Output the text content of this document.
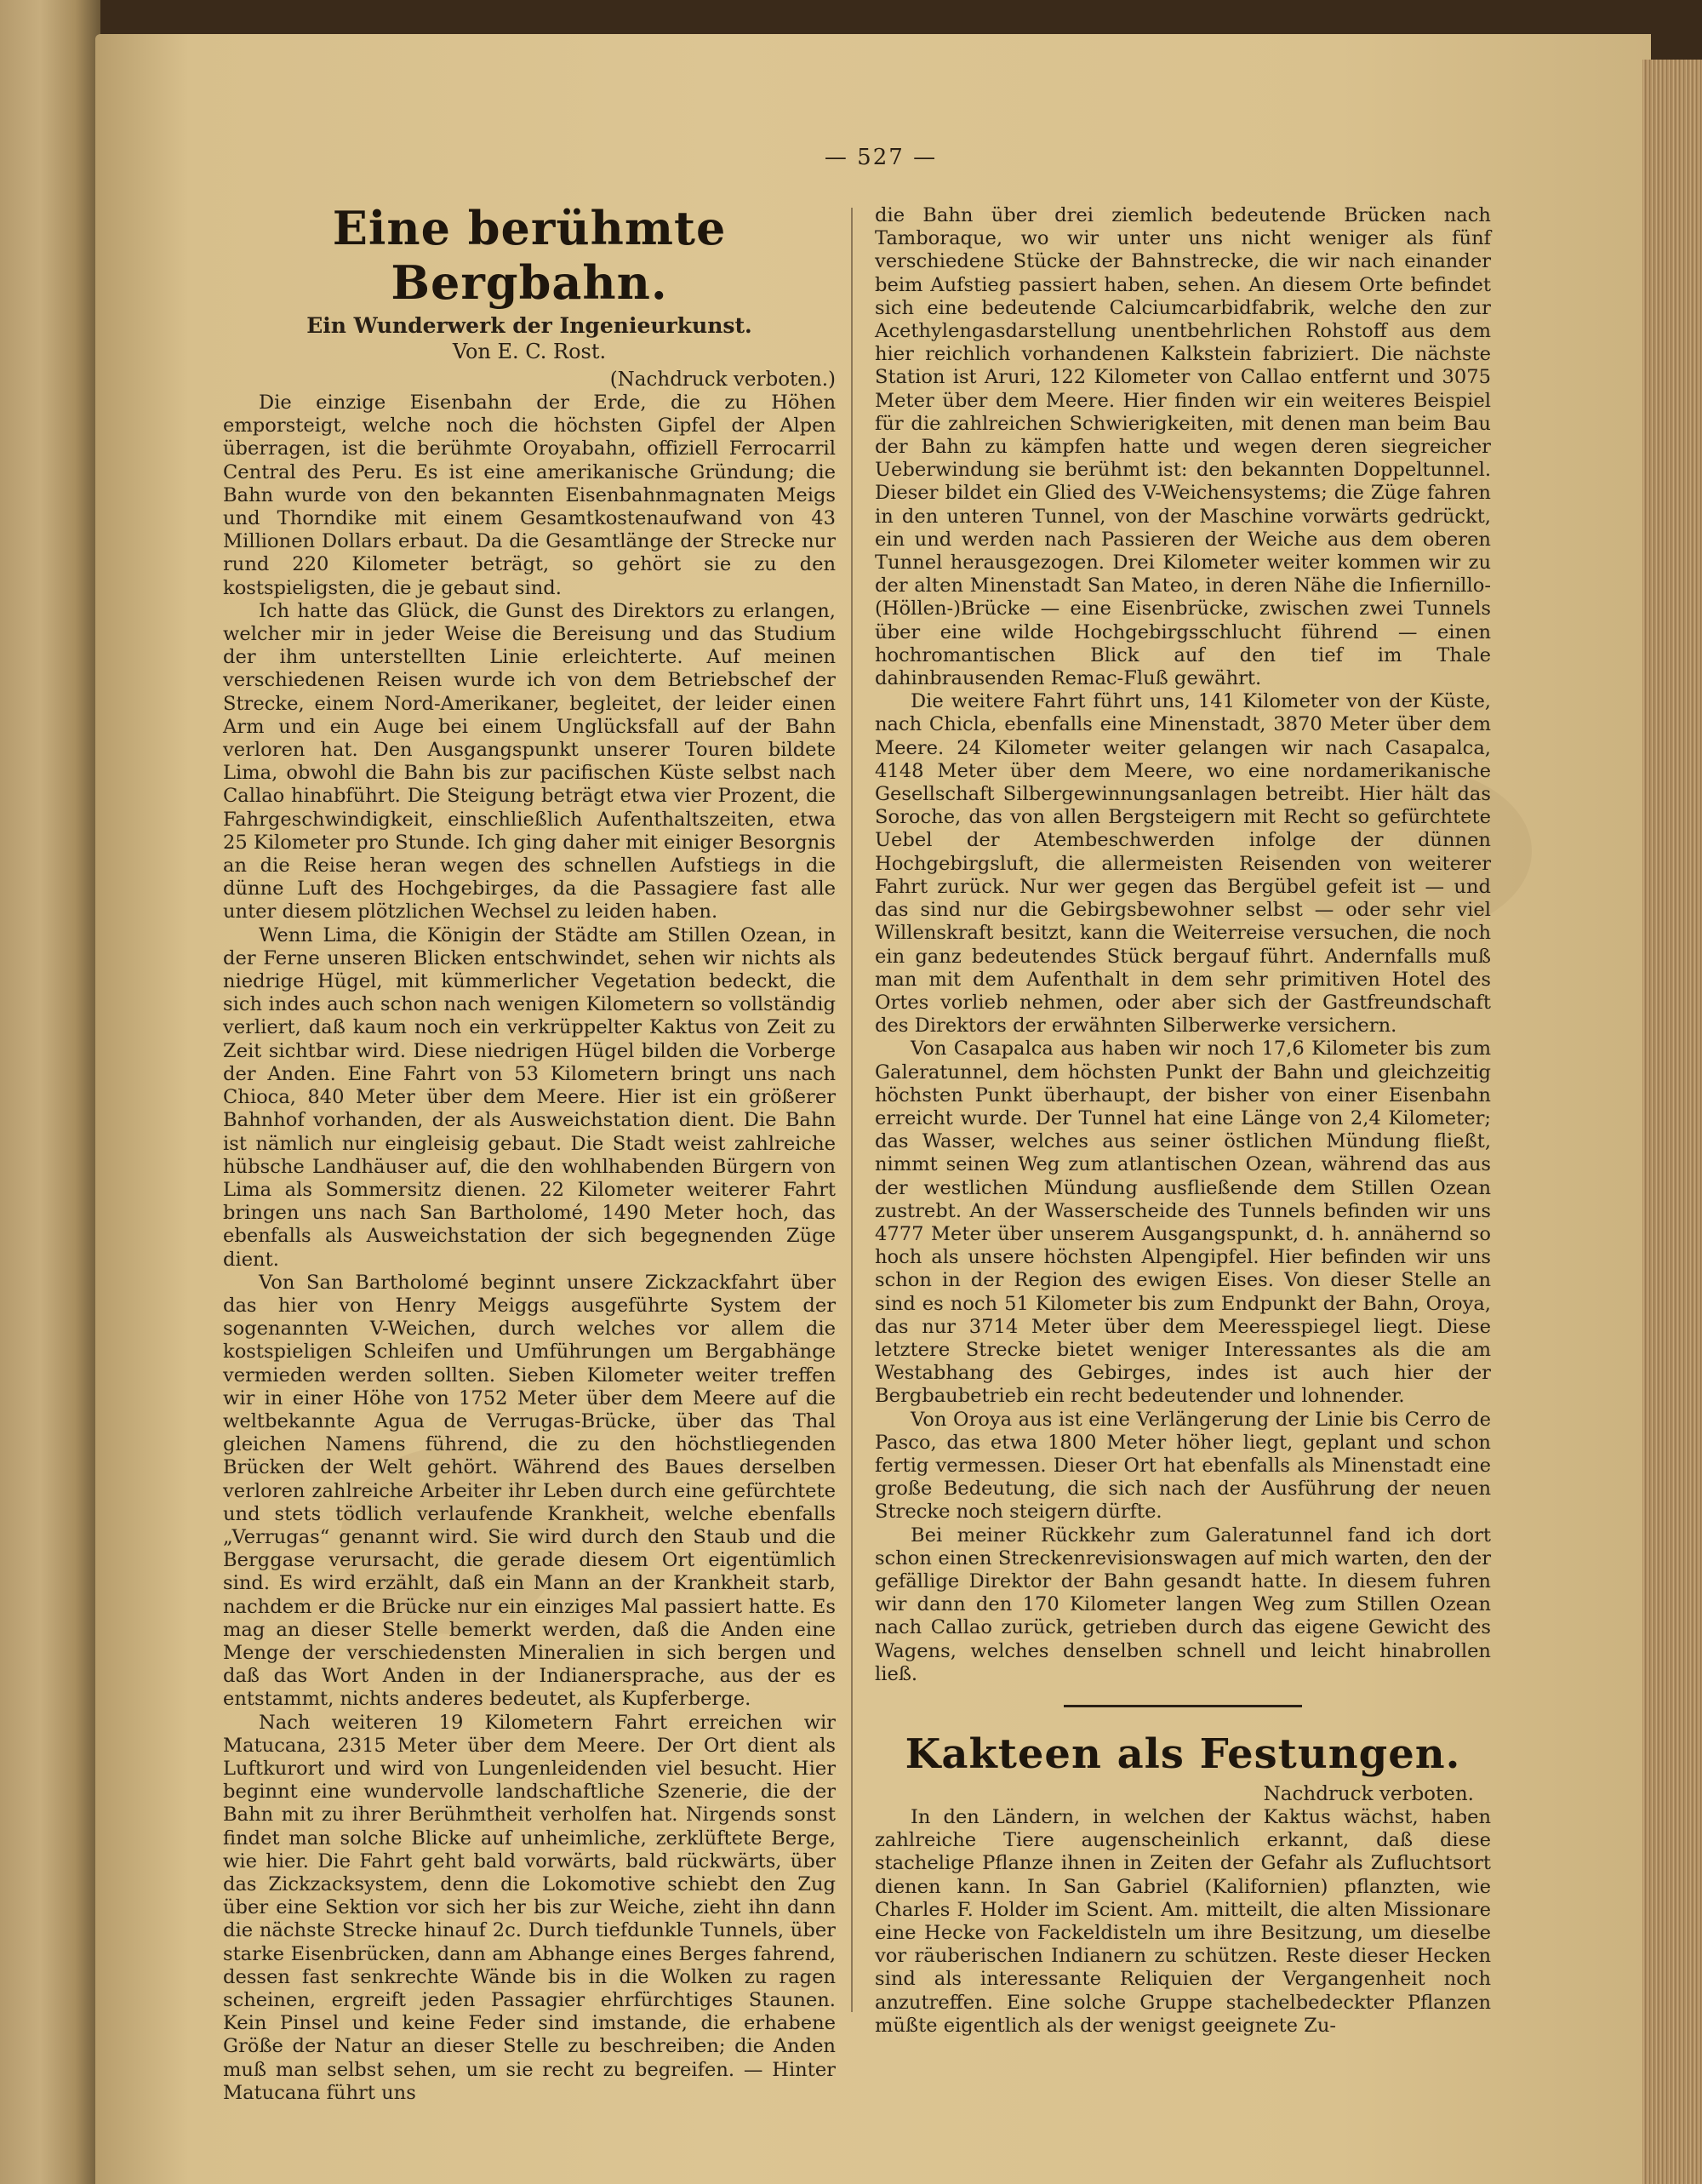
— 527 —
Eine berühmte Bergbahn.

Ein Wunderwerk der Ingenieurkunst.

Von E. C. Rost.

(Nachdruck verboten.)

Die einzige Eisenbahn der Erde, die zu Höhen emporsteigt, welche noch die höchsten Gipfel der Alpen überragen, ist die berühmte Oroyabahn, offiziell Ferrocarril Central des Peru. Es ist eine amerikanische Gründung; die Bahn wurde von den bekannten Eisenbahnmagnaten Meigs und Thorndike mit einem Gesamtkostenaufwand von 43 Millionen Dollars erbaut. Da die Gesamtlänge der Strecke nur rund 220 Kilometer beträgt, so gehört sie zu den kostspieligsten, die je gebaut sind.

Ich hatte das Glück, die Gunst des Direktors zu erlangen, welcher mir in jeder Weise die Bereisung und das Studium der ihm unterstellten Linie erleichterte. Auf meinen verschiedenen Reisen wurde ich von dem Betriebschef der Strecke, einem Nord-Amerikaner, begleitet, der leider einen Arm und ein Auge bei einem Unglücksfall auf der Bahn verloren hat. Den Ausgangspunkt unserer Touren bildete Lima, obwohl die Bahn bis zur pacifischen Küste selbst nach Callao hinabführt. Die Steigung beträgt etwa vier Prozent, die Fahrgeschwindigkeit, einschließlich Aufenthaltszeiten, etwa 25 Kilometer pro Stunde. Ich ging daher mit einiger Besorgnis an die Reise heran wegen des schnellen Aufstiegs in die dünne Luft des Hochgebirges, da die Passagiere fast alle unter diesem plötzlichen Wechsel zu leiden haben.

Wenn Lima, die Königin der Städte am Stillen Ozean, in der Ferne unseren Blicken entschwindet, sehen wir nichts als niedrige Hügel, mit kümmerlicher Vegetation bedeckt, die sich indes auch schon nach wenigen Kilometern so vollständig verliert, daß kaum noch ein verkrüppelter Kaktus von Zeit zu Zeit sichtbar wird. Diese niedrigen Hügel bilden die Vorberge der Anden. Eine Fahrt von 53 Kilometern bringt uns nach Chioca, 840 Meter über dem Meere. Hier ist ein größerer Bahnhof vorhanden, der als Ausweichstation dient. Die Bahn ist nämlich nur eingleisig gebaut. Die Stadt weist zahlreiche hübsche Landhäuser auf, die den wohlhabenden Bürgern von Lima als Sommersitz dienen. 22 Kilometer weiterer Fahrt bringen uns nach San Bartholomé, 1490 Meter hoch, das ebenfalls als Ausweichstation der sich begegnenden Züge dient.

Von San Bartholomé beginnt unsere Zickzackfahrt über das hier von Henry Meiggs ausgeführte System der sogenannten V-Weichen, durch welches vor allem die kostspieligen Schleifen und Umführungen um Bergabhänge vermieden werden sollten. Sieben Kilometer weiter treffen wir in einer Höhe von 1752 Meter über dem Meere auf die weltbekannte Agua de Verrugas-Brücke, über das Thal gleichen Namens führend, die zu den höchstliegenden Brücken der Welt gehört. Während des Baues derselben verloren zahlreiche Arbeiter ihr Leben durch eine gefürchtete und stets tödlich verlaufende Krankheit, welche ebenfalls „Verrugas“ genannt wird. Sie wird durch den Staub und die Berggase verursacht, die gerade diesem Ort eigentümlich sind. Es wird erzählt, daß ein Mann an der Krankheit starb, nachdem er die Brücke nur ein einziges Mal passiert hatte. Es mag an dieser Stelle bemerkt werden, daß die Anden eine Menge der verschiedensten Mineralien in sich bergen und daß das Wort Anden in der Indianersprache, aus der es entstammt, nichts anderes bedeutet, als Kupferberge.

Nach weiteren 19 Kilometern Fahrt erreichen wir Matucana, 2315 Meter über dem Meere. Der Ort dient als Luftkurort und wird von Lungenleidenden viel besucht. Hier beginnt eine wundervolle landschaftliche Szenerie, die der Bahn mit zu ihrer Berühmtheit verholfen hat. Nirgends sonst findet man solche Blicke auf unheimliche, zerklüftete Berge, wie hier. Die Fahrt geht bald vorwärts, bald rückwärts, über das Zickzacksystem, denn die Lokomotive schiebt den Zug über eine Sektion vor sich her bis zur Weiche, zieht ihn dann die nächste Strecke hinauf 2c. Durch tiefdunkle Tunnels, über starke Eisenbrücken, dann am Abhange eines Berges fahrend, dessen fast senkrechte Wände bis in die Wolken zu ragen scheinen, ergreift jeden Passagier ehrfürchtiges Staunen. Kein Pinsel und keine Feder sind imstande, die erhabene Größe der Natur an dieser Stelle zu beschreiben; die Anden muß man selbst sehen, um sie recht zu begreifen. — Hinter Matucana führt uns

die Bahn über drei ziemlich bedeutende Brücken nach Tamboraque, wo wir unter uns nicht weniger als fünf verschiedene Stücke der Bahnstrecke, die wir nach einander beim Aufstieg passiert haben, sehen. An diesem Orte befindet sich eine bedeutende Calciumcarbidfabrik, welche den zur Acethylengasdarstellung unentbehrlichen Rohstoff aus dem hier reichlich vorhandenen Kalkstein fabriziert. Die nächste Station ist Aruri, 122 Kilometer von Callao entfernt und 3075 Meter über dem Meere. Hier finden wir ein weiteres Beispiel für die zahlreichen Schwierigkeiten, mit denen man beim Bau der Bahn zu kämpfen hatte und wegen deren siegreicher Ueberwindung sie berühmt ist: den bekannten Doppeltunnel. Dieser bildet ein Glied des V-Weichensystems; die Züge fahren in den unteren Tunnel, von der Maschine vorwärts gedrückt, ein und werden nach Passieren der Weiche aus dem oberen Tunnel herausgezogen. Drei Kilometer weiter kommen wir zu der alten Minenstadt San Mateo, in deren Nähe die Infiernillo-(Höllen-)Brücke — eine Eisenbrücke, zwischen zwei Tunnels über eine wilde Hochgebirgsschlucht führend — einen hochromantischen Blick auf den tief im Thale dahinbrausenden Remac-Fluß gewährt.

Die weitere Fahrt führt uns, 141 Kilometer von der Küste, nach Chicla, ebenfalls eine Minenstadt, 3870 Meter über dem Meere. 24 Kilometer weiter gelangen wir nach Casapalca, 4148 Meter über dem Meere, wo eine nordamerikanische Gesellschaft Silbergewinnungsanlagen betreibt. Hier hält das Soroche, das von allen Bergsteigern mit Recht so gefürchtete Uebel der Atembeschwerden infolge der dünnen Hochgebirgsluft, die allermeisten Reisenden von weiterer Fahrt zurück. Nur wer gegen das Bergübel gefeit ist — und das sind nur die Gebirgsbewohner selbst — oder sehr viel Willenskraft besitzt, kann die Weiterreise versuchen, die noch ein ganz bedeutendes Stück bergauf führt. Andernfalls muß man mit dem Aufenthalt in dem sehr primitiven Hotel des Ortes vorlieb nehmen, oder aber sich der Gastfreundschaft des Direktors der erwähnten Silberwerke versichern.

Von Casapalca aus haben wir noch 17,6 Kilometer bis zum Galeratunnel, dem höchsten Punkt der Bahn und gleichzeitig höchsten Punkt überhaupt, der bisher von einer Eisenbahn erreicht wurde. Der Tunnel hat eine Länge von 2,4 Kilometer; das Wasser, welches aus seiner östlichen Mündung fließt, nimmt seinen Weg zum atlantischen Ozean, während das aus der westlichen Mündung ausfließende dem Stillen Ozean zustrebt. An der Wasserscheide des Tunnels befinden wir uns 4777 Meter über unserem Ausgangspunkt, d. h. annähernd so hoch als unsere höchsten Alpengipfel. Hier befinden wir uns schon in der Region des ewigen Eises. Von dieser Stelle an sind es noch 51 Kilometer bis zum Endpunkt der Bahn, Oroya, das nur 3714 Meter über dem Meeresspiegel liegt. Diese letztere Strecke bietet weniger Interessantes als die am Westabhang des Gebirges, indes ist auch hier der Bergbaubetrieb ein recht bedeutender und lohnender.

Von Oroya aus ist eine Verlängerung der Linie bis Cerro de Pasco, das etwa 1800 Meter höher liegt, geplant und schon fertig vermessen. Dieser Ort hat ebenfalls als Minenstadt eine große Bedeutung, die sich nach der Ausführung der neuen Strecke noch steigern dürfte.

Bei meiner Rückkehr zum Galeratunnel fand ich dort schon einen Streckenrevisionswagen auf mich warten, den der gefällige Direktor der Bahn gesandt hatte. In diesem fuhren wir dann den 170 Kilometer langen Weg zum Stillen Ozean nach Callao zurück, getrieben durch das eigene Gewicht des Wagens, welches denselben schnell und leicht hinabrollen ließ.

Kakteen als Festungen.

Nachdruck verboten.

In den Ländern, in welchen der Kaktus wächst, haben zahlreiche Tiere augenscheinlich erkannt, daß diese stachelige Pflanze ihnen in Zeiten der Gefahr als Zufluchtsort dienen kann. In San Gabriel (Kalifornien) pflanzten, wie Charles F. Holder im Scient. Am. mitteilt, die alten Missionare eine Hecke von Fackeldisteln um ihre Besitzung, um dieselbe vor räuberischen Indianern zu schützen. Reste dieser Hecken sind als interessante Reliquien der Vergangenheit noch anzutreffen. Eine solche Gruppe stachelbedeckter Pflanzen müßte eigentlich als der wenigst geeignete Zu-
